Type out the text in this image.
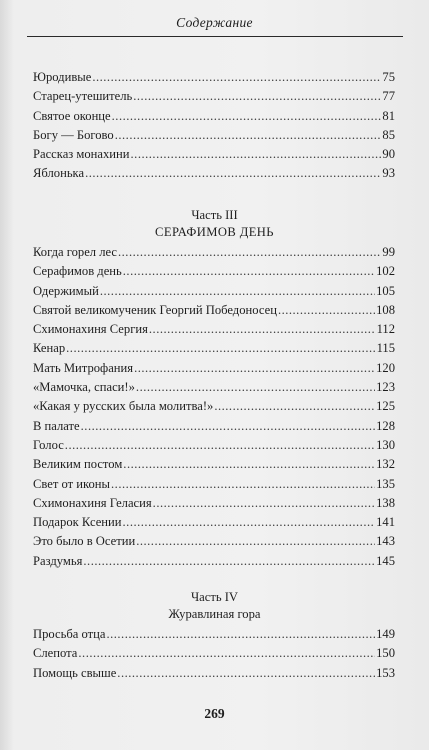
Содержание
Юродивые .....	75
Старец-утешитель .....	77
Святое оконце .....	81
Богу — Богово .....	85
Рассказ монахини .....	90
Яблонька .....	93
Часть III
СЕРАФИМОВ ДЕНЬ
Когда горел лес .....	99
Серафимов день .....	102
Одержимый .....	105
Святой великомученик Георгий Победоносец .....	108
Схимонахиня Сергия .....	112
Кенар .....	115
Мать Митрофания .....	120
«Мамочка, спаси!» .....	123
«Какая у русских была молитва!» .....	125
В палате .....	128
Голос .....	130
Великим постом .....	132
Свет от иконы .....	135
Схимонахиня Геласия .....	138
Подарок Ксении .....	141
Это было в Осетии .....	143
Раздумья .....	145
Часть IV
Журавлиная гора
Просьба отца .....	149
Слепота .....	150
Помощь свыше .....	153
269
